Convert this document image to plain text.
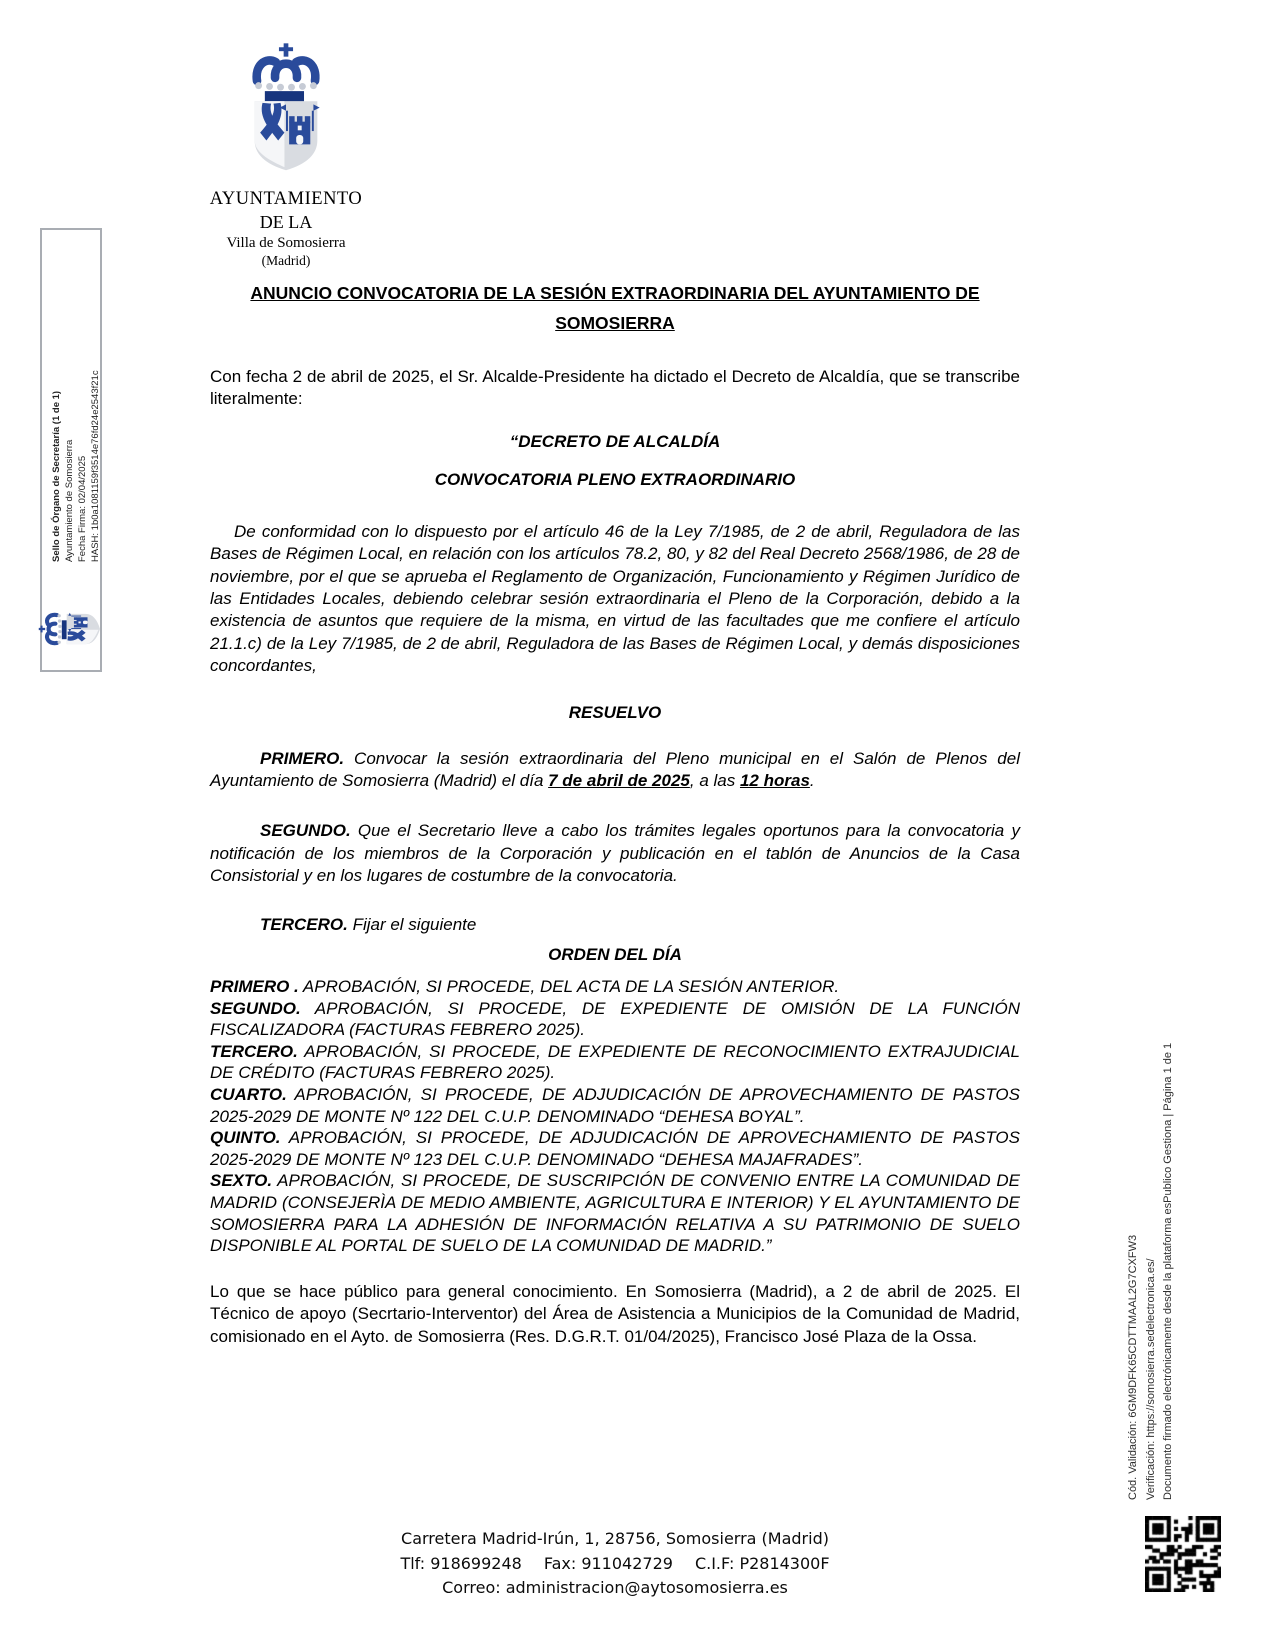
Sello de Órgano de Secretaría (1 de 1) Ayuntamiento de Somosierra Fecha Firma: 02/04/2025 HASH: 1b0a1081159f3514e76fd24e2543f21c
AYUNTAMIENTO
DE LA
Villa de Somosierra
(Madrid)
ANUNCIO CONVOCATORIA DE LA SESIÓN EXTRAORDINARIA DEL AYUNTAMIENTO DE SOMOSIERRA

Con fecha 2 de abril de 2025, el Sr. Alcalde-Presidente ha dictado el Decreto de Alcaldía, que se transcribe literalmente:

“DECRETO DE ALCALDÍA
CONVOCATORIA PLENO EXTRAORDINARIO

De conformidad con lo dispuesto por el artículo 46 de la Ley 7/1985, de 2 de abril, Reguladora de las Bases de Régimen Local, en relación con los artículos 78.2, 80, y 82 del Real Decreto 2568/1986, de 28 de noviembre, por el que se aprueba el Reglamento de Organización, Funcionamiento y Régimen Jurídico de las Entidades Locales, debiendo celebrar sesión extraordinaria el Pleno de la Corporación, debido a la existencia de asuntos que requiere de la misma, en virtud de las facultades que me confiere el artículo 21.1.c) de la Ley 7/1985, de 2 de abril, Reguladora de las Bases de Régimen Local, y demás disposiciones concordantes,

RESUELVO

PRIMERO. Convocar la sesión extraordinaria del Pleno municipal en el Salón de Plenos del Ayuntamiento de Somosierra (Madrid) el día 7 de abril de 2025, a las 12 horas.

SEGUNDO. Que el Secretario lleve a cabo los trámites legales oportunos para la convocatoria y notificación de los miembros de la Corporación y publicación en el tablón de Anuncios de la Casa Consistorial y en los lugares de costumbre de la convocatoria.

TERCERO. Fijar el siguiente

ORDEN DEL DÍA

PRIMERO . APROBACIÓN, SI PROCEDE, DEL ACTA DE LA SESIÓN ANTERIOR.

SEGUNDO. APROBACIÓN, SI PROCEDE, DE EXPEDIENTE DE OMISIÓN DE LA FUNCIÓN FISCALIZADORA (FACTURAS FEBRERO 2025).

TERCERO. APROBACIÓN, SI PROCEDE, DE EXPEDIENTE DE RECONOCIMIENTO EXTRAJUDICIAL DE CRÉDITO (FACTURAS FEBRERO 2025).

CUARTO. APROBACIÓN, SI PROCEDE, DE ADJUDICACIÓN DE APROVECHAMIENTO DE PASTOS 2025-2029 DE MONTE Nº 122 DEL C.U.P. DENOMINADO “DEHESA BOYAL”.

QUINTO. APROBACIÓN, SI PROCEDE, DE ADJUDICACIÓN DE APROVECHAMIENTO DE PASTOS 2025-2029 DE MONTE Nº 123 DEL C.U.P. DENOMINADO “DEHESA MAJAFRADES”.

SEXTO. APROBACIÓN, SI PROCEDE, DE SUSCRIPCIÓN DE CONVENIO ENTRE LA COMUNIDAD DE MADRID (CONSEJERÌA DE MEDIO AMBIENTE, AGRICULTURA E INTERIOR) Y EL AYUNTAMIENTO DE SOMOSIERRA PARA LA ADHESIÓN DE INFORMACIÓN RELATIVA A SU PATRIMONIO DE SUELO DISPONIBLE AL PORTAL DE SUELO DE LA COMUNIDAD DE MADRID.”

Lo que se hace público para general conocimiento. En Somosierra (Madrid), a 2 de abril de 2025. El Técnico de apoyo (Secrtario-Interventor) del Área de Asistencia a Municipios de la Comunidad de Madrid, comisionado en el Ayto. de Somosierra (Res. D.G.R.T. 01/04/2025), Francisco José Plaza de la Ossa.

Carretera Madrid-Irún, 1, 28756, Somosierra (Madrid)
Tlf: 918699248 Fax: 911042729 C.I.F: P2814300F
Correo: administracion@aytosomosierra.es
Cód. Validación: 6GM9DFK65CDTTMAAL2G7CXFW3 Verificación: https://somosierra.sedelectronica.es/ Documento firmado electrónicamente desde la plataforma esPublico Gestiona | Página 1 de 1
